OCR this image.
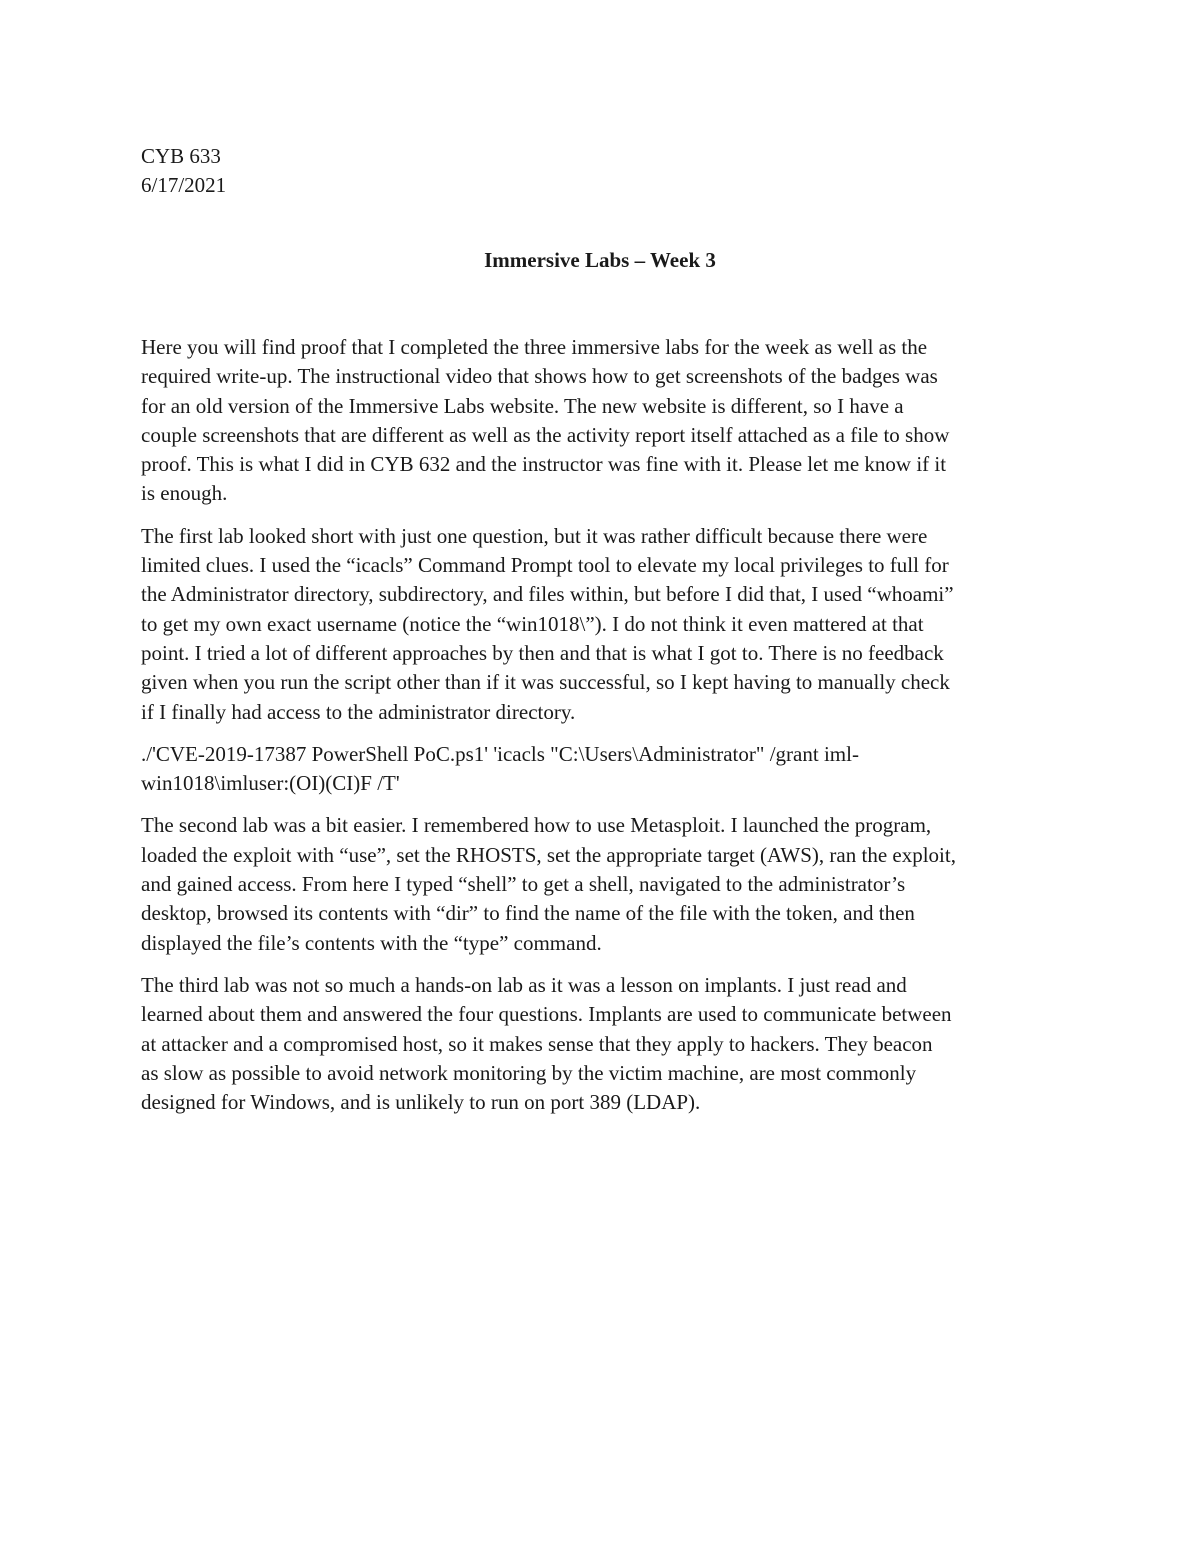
CYB 633
6/17/2021
Immersive Labs – Week 3

Here you will find proof that I completed the three immersive labs for the week as well as the
required write-up. The instructional video that shows how to get screenshots of the badges was
for an old version of the Immersive Labs website. The new website is different, so I have a
couple screenshots that are different as well as the activity report itself attached as a file to show
proof. This is what I did in CYB 632 and the instructor was fine with it. Please let me know if it
is enough.

The first lab looked short with just one question, but it was rather difficult because there were
limited clues. I used the “icacls” Command Prompt tool to elevate my local privileges to full for
the Administrator directory, subdirectory, and files within, but before I did that, I used “whoami”
to get my own exact username (notice the “win1018\”). I do not think it even mattered at that
point. I tried a lot of different approaches by then and that is what I got to. There is no feedback
given when you run the script other than if it was successful, so I kept having to manually check
if I finally had access to the administrator directory.

./'CVE-2019-17387 PowerShell PoC.ps1' 'icacls "C:\Users\Administrator" /grant iml-
win1018\imluser:(OI)(CI)F /T'

The second lab was a bit easier. I remembered how to use Metasploit. I launched the program,
loaded the exploit with “use”, set the RHOSTS, set the appropriate target (AWS), ran the exploit,
and gained access. From here I typed “shell” to get a shell, navigated to the administrator’s
desktop, browsed its contents with “dir” to find the name of the file with the token, and then
displayed the file’s contents with the “type” command.

The third lab was not so much a hands-on lab as it was a lesson on implants. I just read and
learned about them and answered the four questions. Implants are used to communicate between
at attacker and a compromised host, so it makes sense that they apply to hackers. They beacon
as slow as possible to avoid network monitoring by the victim machine, are most commonly
designed for Windows, and is unlikely to run on port 389 (LDAP).
